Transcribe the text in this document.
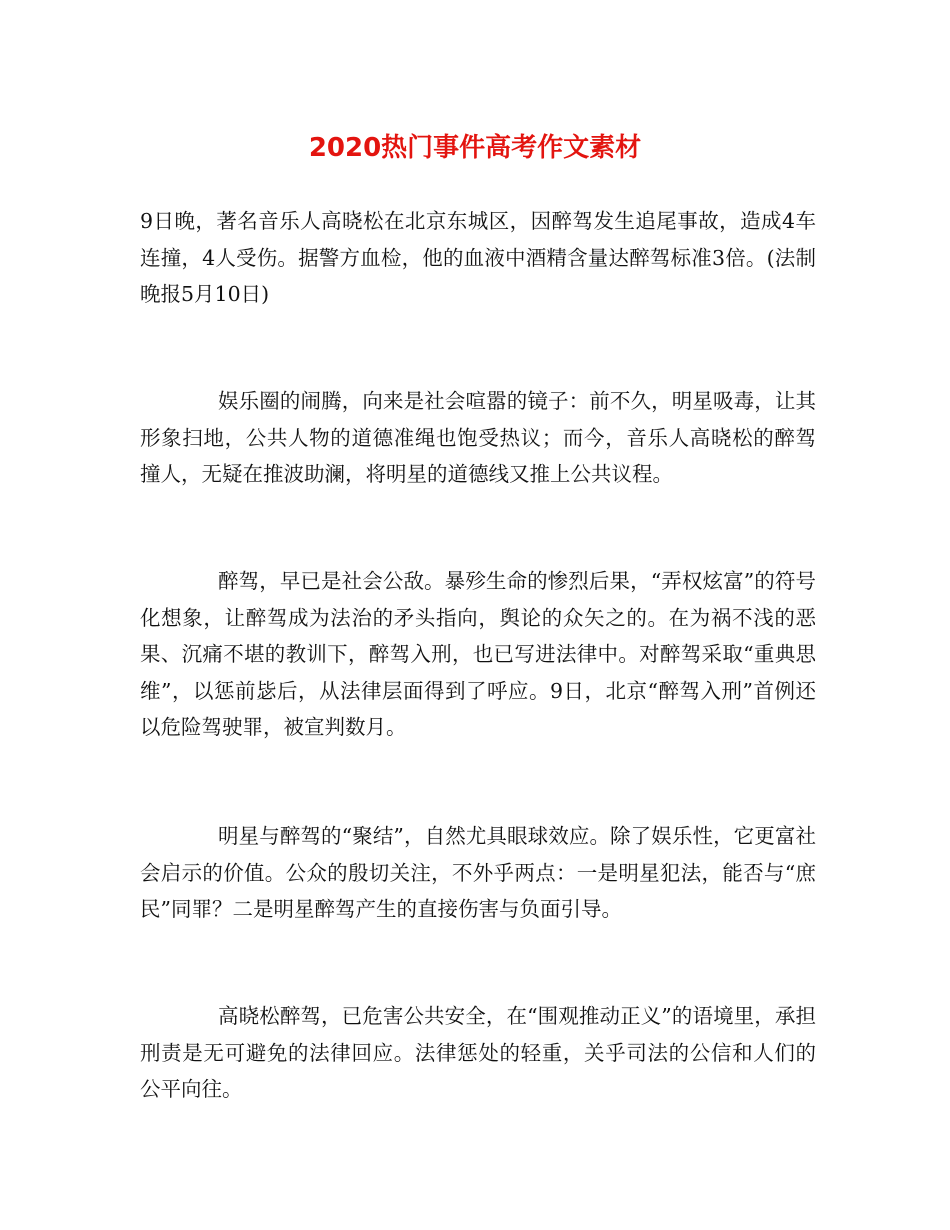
2020热门事件高考作文素材

9日晚，著名音乐人高晓松在北京东城区，因醉驾发生追尾事故，造成4车连撞，4人受伤。据警方血检，他的血液中酒精含量达醉驾标准3倍。(法制晚报5月10日)

娱乐圈的闹腾，向来是社会喧嚣的镜子：前不久，明星吸毒，让其形象扫地，公共人物的道德准绳也饱受热议；而今，音乐人高晓松的醉驾撞人，无疑在推波助澜，将明星的道德线又推上公共议程。

醉驾，早已是社会公敌。暴殄生命的惨烈后果，“弄权炫富”的符号化想象，让醉驾成为法治的矛头指向，舆论的众矢之的。在为祸不浅的恶果、沉痛不堪的教训下，醉驾入刑，也已写进法律中。对醉驾采取“重典思维”，以惩前毖后，从法律层面得到了呼应。9日，北京“醉驾入刑”首例还以危险驾驶罪，被宣判数月。

明星与醉驾的“聚结”，自然尤具眼球效应。除了娱乐性，它更富社会启示的价值。公众的殷切关注，不外乎两点：一是明星犯法，能否与“庶民”同罪？二是明星醉驾产生的直接伤害与负面引导。

高晓松醉驾，已危害公共安全，在“围观推动正义”的语境里，承担刑责是无可避免的法律回应。法律惩处的轻重，关乎司法的公信和人们的公平向往。
